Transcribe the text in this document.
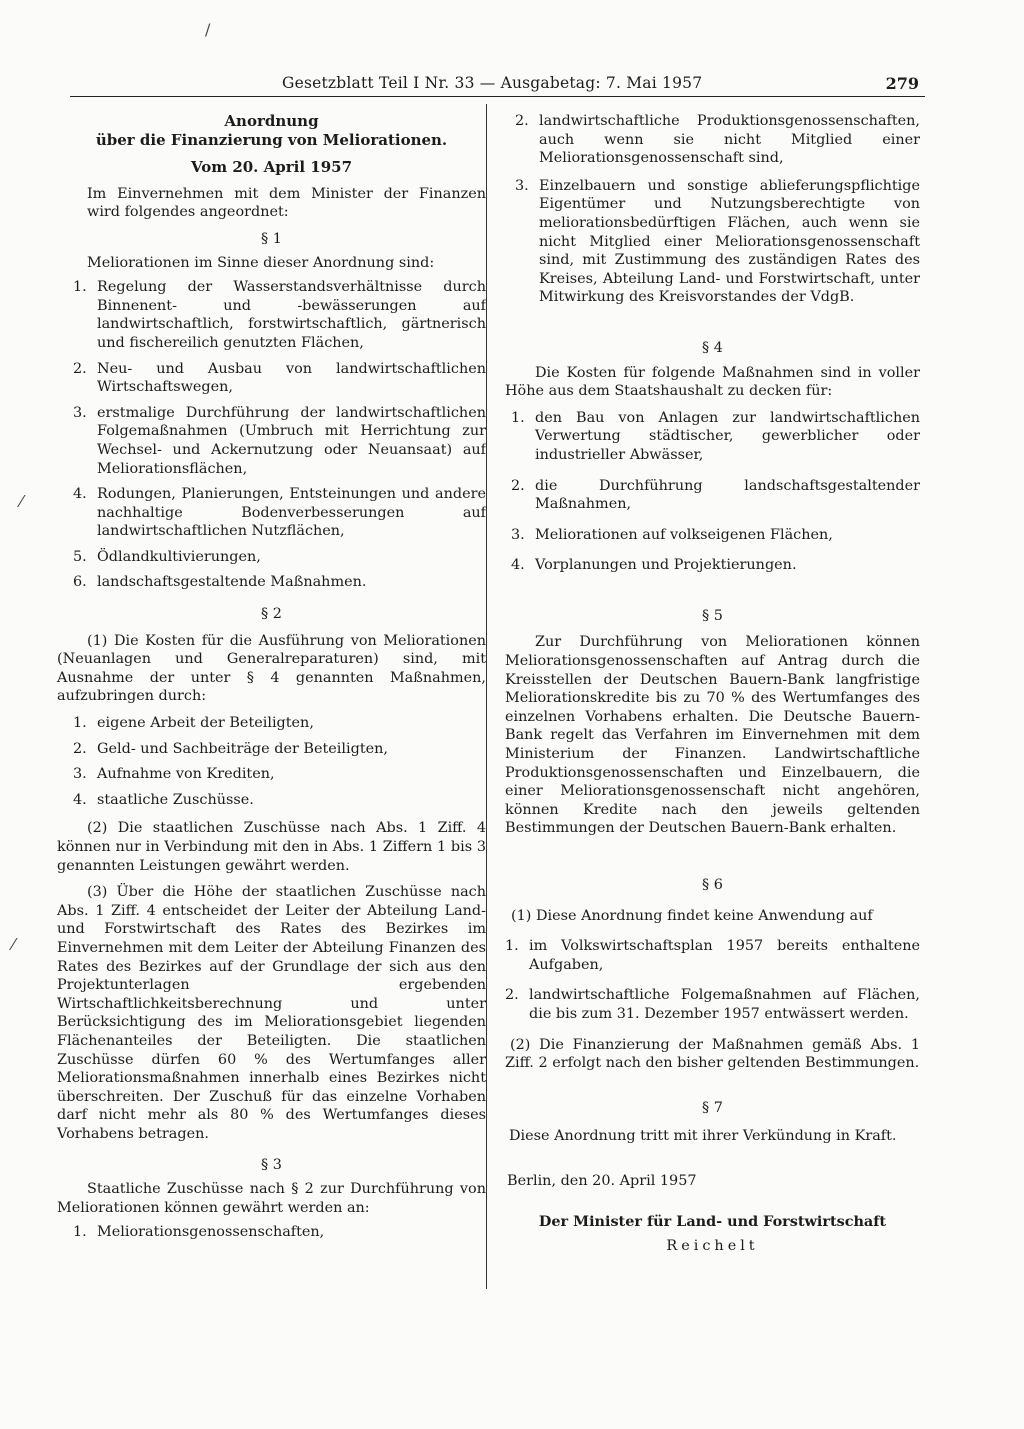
/
⁄
⁄
Gesetzblatt Teil I Nr. 33 — Ausgabetag: 7. Mai 1957	279
Anordnung
über die Finanzierung von Meliorationen.
Vom 20. April 1957
Im Einvernehmen mit dem Minister der Finanzen wird folgendes angeordnet:
§ 1
Meliorationen im Sinne dieser Anordnung sind:
1. Regelung der Wasserstandsverhältnisse durch Binnenent- und -bewässerungen auf landwirtschaftlich, forstwirtschaftlich, gärtnerisch und fischereilich genutzten Flächen,
2. Neu- und Ausbau von landwirtschaftlichen Wirtschaftswegen,
3. erstmalige Durchführung der landwirtschaftlichen Folgemaßnahmen (Umbruch mit Herrichtung zur Wechsel- und Ackernutzung oder Neuansaat) auf Meliorationsflächen,
4. Rodungen, Planierungen, Entsteinungen und andere nachhaltige Bodenverbesserungen auf landwirtschaftlichen Nutzflächen,
5. Ödlandkultivierungen,
6. landschaftsgestaltende Maßnahmen.
§ 2
(1) Die Kosten für die Ausführung von Meliorationen (Neuanlagen und Generalreparaturen) sind, mit Ausnahme der unter § 4 genannten Maßnahmen, aufzubringen durch:
1. eigene Arbeit der Beteiligten,
2. Geld- und Sachbeiträge der Beteiligten,
3. Aufnahme von Krediten,
4. staatliche Zuschüsse.
(2) Die staatlichen Zuschüsse nach Abs. 1 Ziff. 4 können nur in Verbindung mit den in Abs. 1 Ziffern 1 bis 3 genannten Leistungen gewährt werden.
(3) Über die Höhe der staatlichen Zuschüsse nach Abs. 1 Ziff. 4 entscheidet der Leiter der Abteilung Land- und Forstwirtschaft des Rates des Bezirkes im Einvernehmen mit dem Leiter der Abteilung Finanzen des Rates des Bezirkes auf der Grundlage der sich aus den Projektunterlagen ergebenden Wirtschaftlichkeitsberechnung und unter Berücksichtigung des im Meliorationsgebiet liegenden Flächenanteiles der Beteiligten. Die staatlichen Zuschüsse dürfen 60 % des Wertumfanges aller Meliorationsmaßnahmen innerhalb eines Bezirkes nicht überschreiten. Der Zuschuß für das einzelne Vorhaben darf nicht mehr als 80 % des Wertumfanges dieses Vorhabens betragen.
§ 3
Staatliche Zuschüsse nach § 2 zur Durchführung von Meliorationen können gewährt werden an:
1. Meliorationsgenossenschaften,
2. landwirtschaftliche Produktionsgenossenschaften, auch wenn sie nicht Mitglied einer Meliorationsgenossenschaft sind,
3. Einzelbauern und sonstige ablieferungspflichtige Eigentümer und Nutzungsberechtigte von meliorationsbedürftigen Flächen, auch wenn sie nicht Mitglied einer Meliorationsgenossenschaft sind, mit Zustimmung des zuständigen Rates des Kreises, Abteilung Land- und Forstwirtschaft, unter Mitwirkung des Kreisvorstandes der VdgB.
§ 4
Die Kosten für folgende Maßnahmen sind in voller Höhe aus dem Staatshaushalt zu decken für:
1. den Bau von Anlagen zur landwirtschaftlichen Verwertung städtischer, gewerblicher oder industrieller Abwässer,
2. die Durchführung landschaftsgestaltender Maßnahmen,
3. Meliorationen auf volkseigenen Flächen,
4. Vorplanungen und Projektierungen.
§ 5
Zur Durchführung von Meliorationen können Meliorationsgenossenschaften auf Antrag durch die Kreisstellen der Deutschen Bauern-Bank langfristige Meliorationskredite bis zu 70 % des Wertumfanges des einzelnen Vorhabens erhalten. Die Deutsche Bauern-Bank regelt das Verfahren im Einvernehmen mit dem Ministerium der Finanzen. Landwirtschaftliche Produktionsgenossenschaften und Einzelbauern, die einer Meliorationsgenossenschaft nicht angehören, können Kredite nach den jeweils geltenden Bestimmungen der Deutschen Bauern-Bank erhalten.
§ 6
(1) Diese Anordnung findet keine Anwendung auf
1. im Volkswirtschaftsplan 1957 bereits enthaltene Aufgaben,
2. landwirtschaftliche Folgemaßnahmen auf Flächen, die bis zum 31. Dezember 1957 entwässert werden.
(2) Die Finanzierung der Maßnahmen gemäß Abs. 1 Ziff. 2 erfolgt nach den bisher geltenden Bestimmungen.
§ 7
Diese Anordnung tritt mit ihrer Verkündung in Kraft.
Berlin, den 20. April 1957
Der Minister für Land- und Forstwirtschaft
Reichelt
